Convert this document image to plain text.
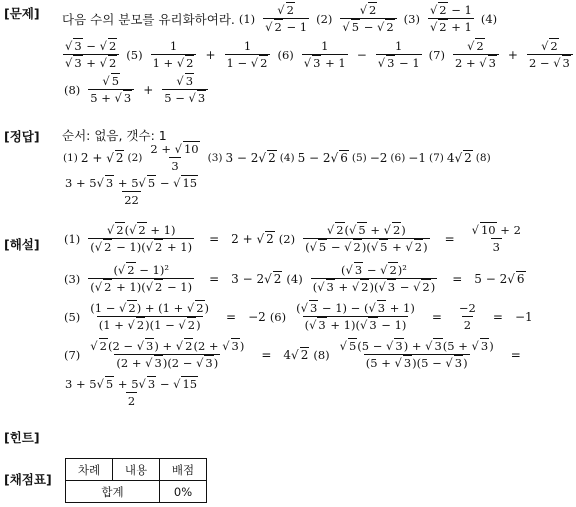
[문제]
[정답]
[해설]
[힌트]
[채점표]
다음 수의 분모를 유리화하여라. $(1) \frac{√ 2}{√ 2 - 1} (2) \frac{√ 2}{√ 5 - √ 2} (3) \frac{√ 2 - 1}{√ 2 + 1} (4)$
$\frac{√ 3 - √ 2}{√ 3 + √ 2} (5) \frac{1}{1 + √ 2} + \frac{1}{1 - √ 2} (6) \frac{1}{√ 3 + 1} - \frac{1}{√ 3 - 1} (7) \frac{√ 2}{2 + √ 3} + \frac{√ 2}{2 - √ 3}$
$(8) \frac{√ 5}{5 + √ 3} + \frac{√ 3}{5 - √ 3}$
순서: 없음, 갯수: 1
(1) 2 + √ 2 $(2) \frac{2 + √ 10}{3} (3) 3 - 2√$ 2 (4) 5 − 2√ 6 (5) −2 (6) −1 (7) 4√ 2 (8)
$\frac{3 + 5√ 3 + 5√ 5 - √ 15}{22}$
$(1) \frac{√ 2(√ 2 + 1)}{(√ 2 - 1)(√ 2 + 1)} = 2$ + √ 2 $(2) \frac{√ 2(√ 5 + √ 2)}{(√ 5 - √ 2)(√ 5 + √ 2)} = \frac{√ 10 + 2}{3}$
$(3) \frac{\text{(√ 2 − 1)²}}{(√ 2 + 1)(√ 2 - 1)} = 3 - 2√$ 2 $(4) \frac{\text{(√ 3 − √ 2)²}}{(√ 3 + √ 2)(√ 3 - √ 2)} = 5 - 2√$ 6
$(5) \frac{(1 - √ 2) + (1 + √ 2)}{(1 + √ 2)(1 - √ 2)} = -2$ $(6) \frac{(√ 3 - 1) - (√ 3 + 1)}{(√ 3 + 1)(√ 3 - 1)} = \frac{-2}{2} = -1$
$(7) \frac{√ 2(2 - √ 3) + √ 2(2 + √ 3)}{(2 + √ 3)(2 - √ 3)} = 4√$ 2 $(8) \frac{√ 5(5 - √ 3) + √ 3(5 + √ 3)}{(5 + √ 3)(5 - √ 3)}$ =
$\frac{3 + 5√ 5 + 5√ 3 - √ 15}{2}$
차례	내용	배점
합계		0%
